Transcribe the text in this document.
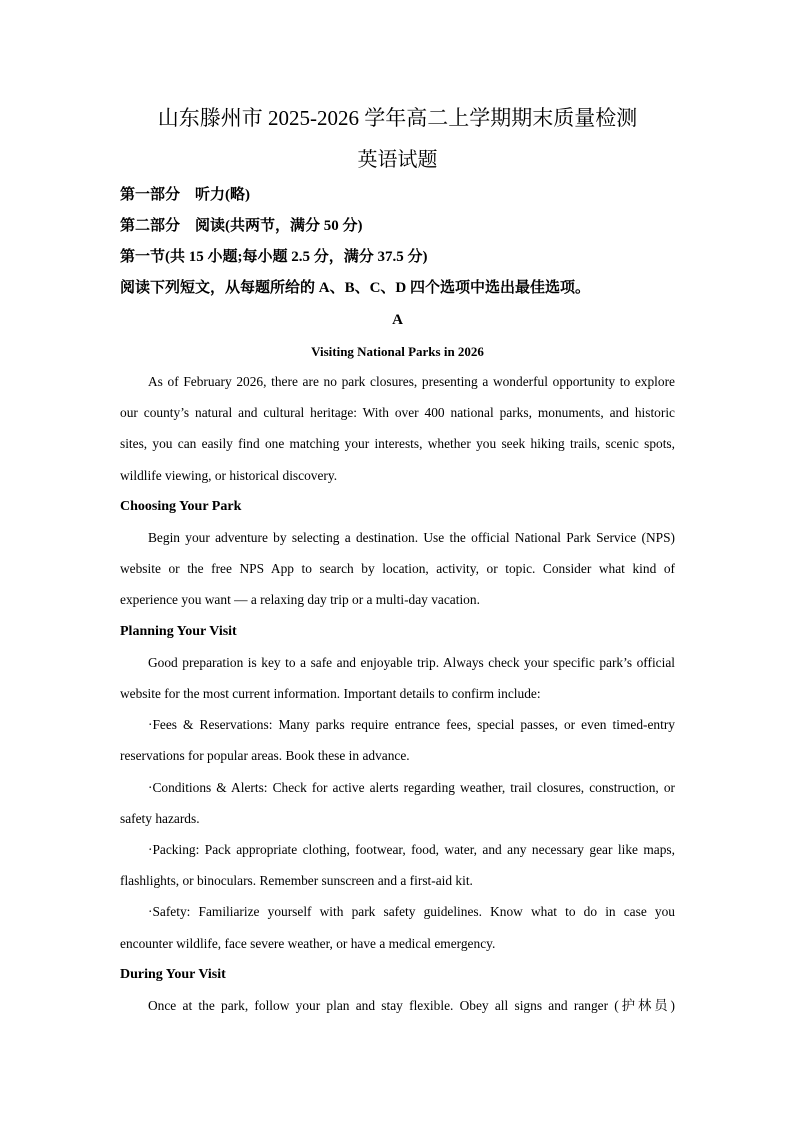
山东滕州市 2025-2026 学年高二上学期期末质量检测
英语试题
第一部分　听力(略)
第二部分　阅读(共两节，满分 50 分)
第一节(共 15 小题;每小题 2.5 分，满分 37.5 分)
阅读下列短文，从每题所给的 A、B、C、D 四个选项中选出最佳选项。
A
Visiting National Parks in 2026
As of February 2026, there are no park closures, presenting a wonderful opportunity to explore
our county’s natural and cultural heritage: With over 400 national parks, monuments, and historic
sites, you can easily find one matching your interests, whether you seek hiking trails, scenic spots,
wildlife viewing, or historical discovery.
Choosing Your Park
Begin your adventure by selecting a destination. Use the official National Park Service (NPS)
website or the free NPS App to search by location, activity, or topic. Consider what kind of
experience you want — a relaxing day trip or a multi-day vacation.
Planning Your Visit
Good preparation is key to a safe and enjoyable trip. Always check your specific park’s official
website for the most current information. Important details to confirm include:
·Fees & Reservations: Many parks require entrance fees, special passes, or even timed-entry
reservations for popular areas. Book these in advance.
·Conditions & Alerts: Check for active alerts regarding weather, trail closures, construction, or
safety hazards.
·Packing: Pack appropriate clothing, footwear, food, water, and any necessary gear like maps,
flashlights, or binoculars. Remember sunscreen and a first-aid kit.
·Safety: Familiarize yourself with park safety guidelines. Know what to do in case you
encounter wildlife, face severe weather, or have a medical emergency.
During Your Visit
Once at the park, follow your plan and stay flexible. Obey all signs and ranger (护林员)
